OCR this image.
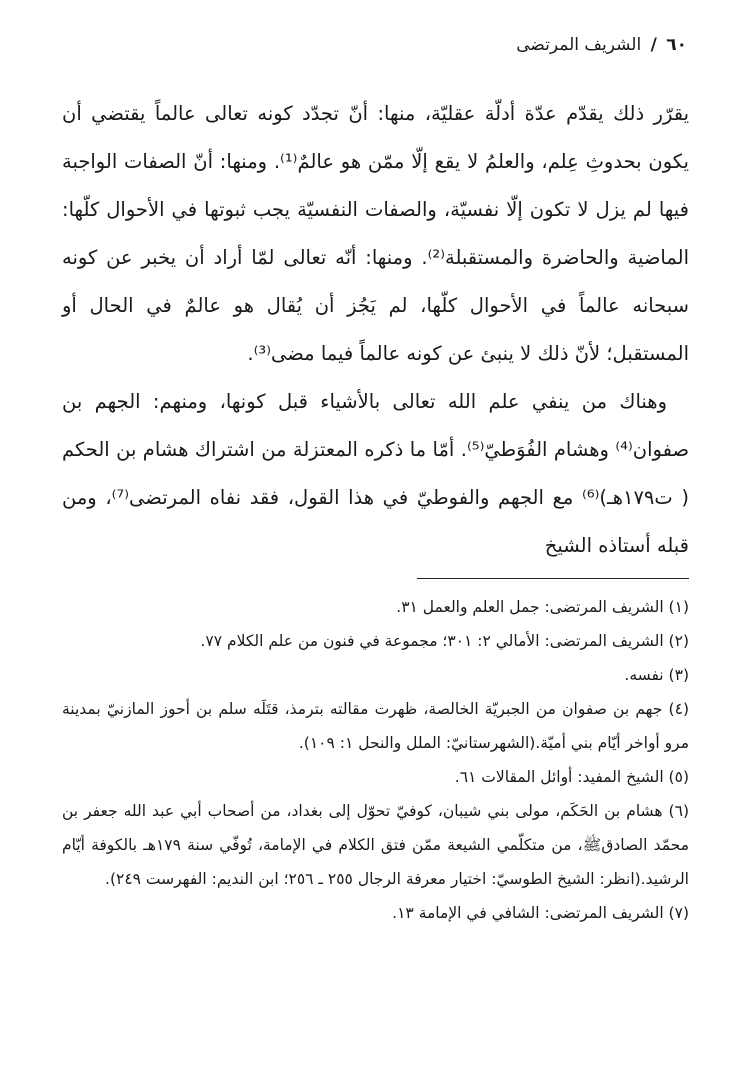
٦٠ / الشريف المرتضى

يقرّر ذلك يقدّم عدّة أدلّة عقليّة، منها: أنّ تجدّد كونه تعالى عالماً يقتضي أن يكون بحدوثِ عِلم، والعلمُ لا يقع إلّا ممّن هو عالمٌ⁽¹⁾. ومنها: أنّ الصفات الواجبة فيها لم يزل لا تكون إلّا نفسيّة، والصفات النفسيّة يجب ثبوتها في الأحوال كلّها: الماضية والحاضرة والمستقبلة⁽²⁾. ومنها: أنّه تعالى لمّا أراد أن يخبر عن كونه سبحانه عالماً في الأحوال كلّها، لم يَجُز أن يُقال هو عالمٌ في الحال أو المستقبل؛ لأنّ ذلك لا ينبئ عن كونه عالماً فيما مضى⁽³⁾.

وهناك من ينفي علم الله تعالى بالأشياء قبل كونها، ومنهم: الجهم بن صفوان⁽⁴⁾ وهشام الفُوَطيّ⁽⁵⁾. أمّا ما ذكره المعتزلة من اشتراك هشام بن الحكم ( ت١٧٩هـ)⁽⁶⁾ مع الجهم والفوطيّ في هذا القول، فقد نفاه المرتضى⁽⁷⁾، ومن قبله أستاذه الشيخ

(١) الشريف المرتضى: جمل العلم والعمل ٣١.

(٢) الشريف المرتضى: الأمالي ٢: ٣٠١؛ مجموعة في فنون من علم الكلام ٧٧.

(٣) نفسه.

(٤) جهم بن صفوان من الجبريّة الخالصة، ظهرت مقالته بترمذ، قتَلَه سلم بن أحوز المازنيّ بمدينة مرو أواخر أيّام بني أميّة.(الشهرستانيّ: الملل والنحل ١: ١٠٩).

(٥) الشيخ المفيد: أوائل المقالات ٦١.

(٦) هشام بن الحَكَم، مولى بني شيبان، كوفيّ تحوّل إلى بغداد، من أصحاب أبي عبد الله جعفر بن محمّد الصادقﷺ، من متكلّمي الشيعة ممّن فتق الكلام في الإمامة، تُوفّي سنة ١٧٩هـ بالكوفة أيّام الرشيد.(انظر: الشيخ الطوسيّ: اختيار معرفة الرجال ٢٥٥ ـ ٢٥٦؛ ابن النديم: الفهرست ٢٤٩).

(٧) الشريف المرتضى: الشافي في الإمامة ١٣.
